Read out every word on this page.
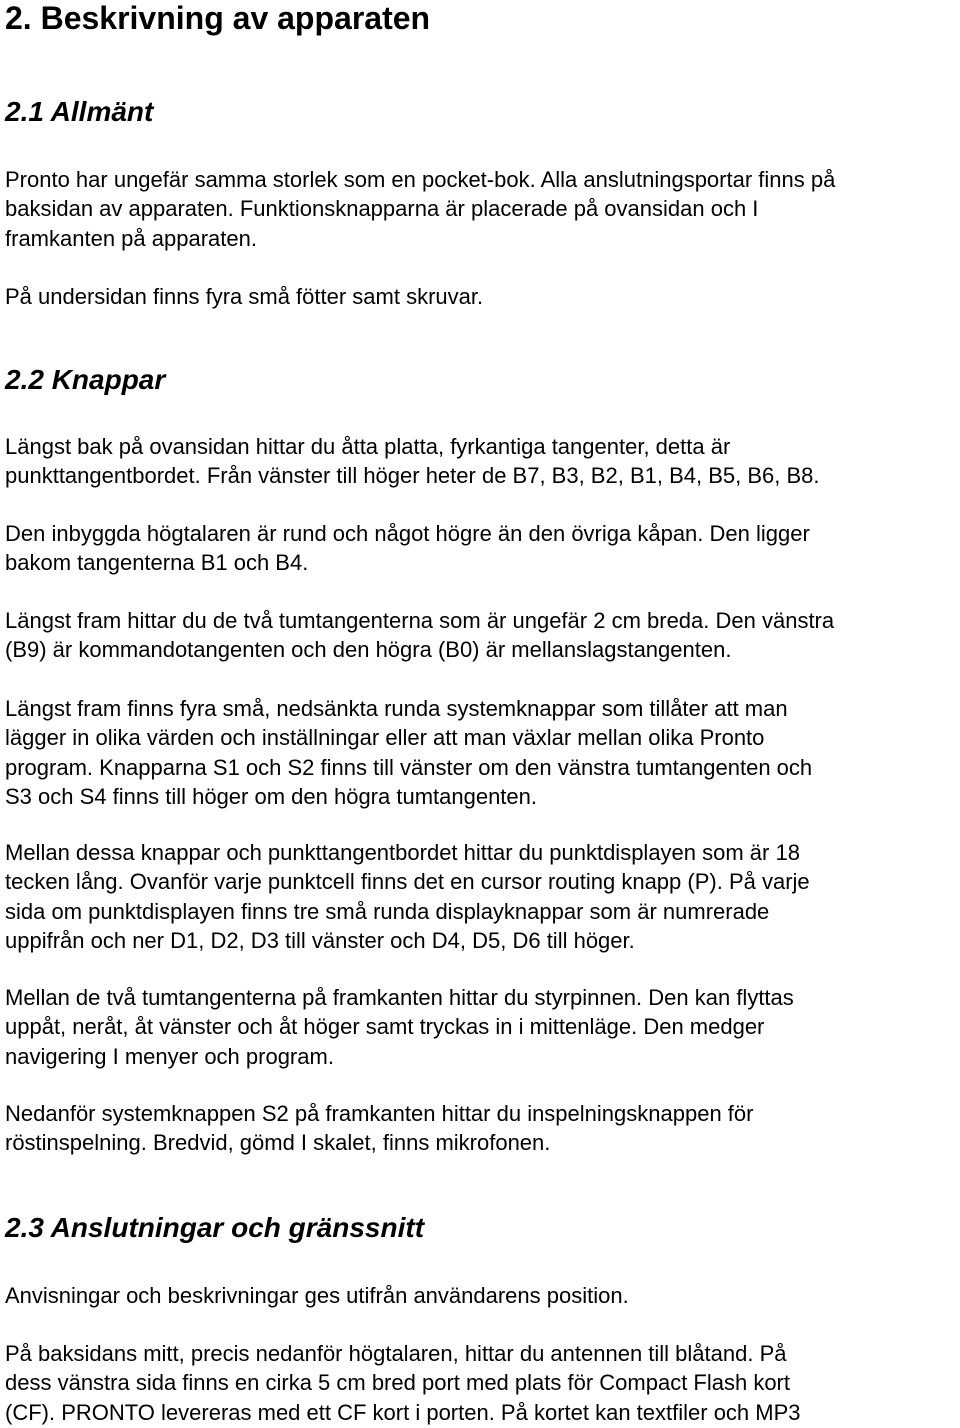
2. Beskrivning av apparaten
2.1 Allmänt
Pronto har ungefär samma storlek som en pocket-bok. Alla anslutningsportar finns på
baksidan av apparaten. Funktionsknapparna är placerade på ovansidan och I
framkanten på apparaten.
På undersidan finns fyra små fötter samt skruvar.
2.2 Knappar
Längst bak på ovansidan hittar du åtta platta, fyrkantiga tangenter, detta är
punkttangentbordet. Från vänster till höger heter de B7, B3, B2, B1, B4, B5, B6, B8.
Den inbyggda högtalaren är rund och något högre än den övriga kåpan. Den ligger
bakom tangenterna B1 och B4.
Längst fram hittar du de två tumtangenterna som är ungefär 2 cm breda. Den vänstra
(B9) är kommandotangenten och den högra (B0) är mellanslagstangenten.
Längst fram finns fyra små, nedsänkta runda systemknappar som tillåter att man
lägger in olika värden och inställningar eller att man växlar mellan olika Pronto
program. Knapparna S1 och S2 finns till vänster om den vänstra tumtangenten och
S3 och S4 finns till höger om den högra tumtangenten.
Mellan dessa knappar och punkttangentbordet hittar du punktdisplayen som är 18
tecken lång. Ovanför varje punktcell finns det en cursor routing knapp (P). På varje
sida om punktdisplayen finns tre små runda displayknappar som är numrerade
uppifrån och ner D1, D2, D3 till vänster och D4, D5, D6 till höger.
Mellan de två tumtangenterna på framkanten hittar du styrpinnen. Den kan flyttas
uppåt, neråt, åt vänster och åt höger samt tryckas in i mittenläge. Den medger
navigering I menyer och program.
Nedanför systemknappen S2 på framkanten hittar du inspelningsknappen för
röstinspelning. Bredvid, gömd I skalet, finns mikrofonen.
2.3 Anslutningar och gränssnitt
Anvisningar och beskrivningar ges utifrån användarens position.
På baksidans mitt, precis nedanför högtalaren, hittar du antennen till blåtand. På
dess vänstra sida finns en cirka 5 cm bred port med plats för Compact Flash kort
(CF). PRONTO levereras med ett CF kort i porten. På kortet kan textfiler och MP3
